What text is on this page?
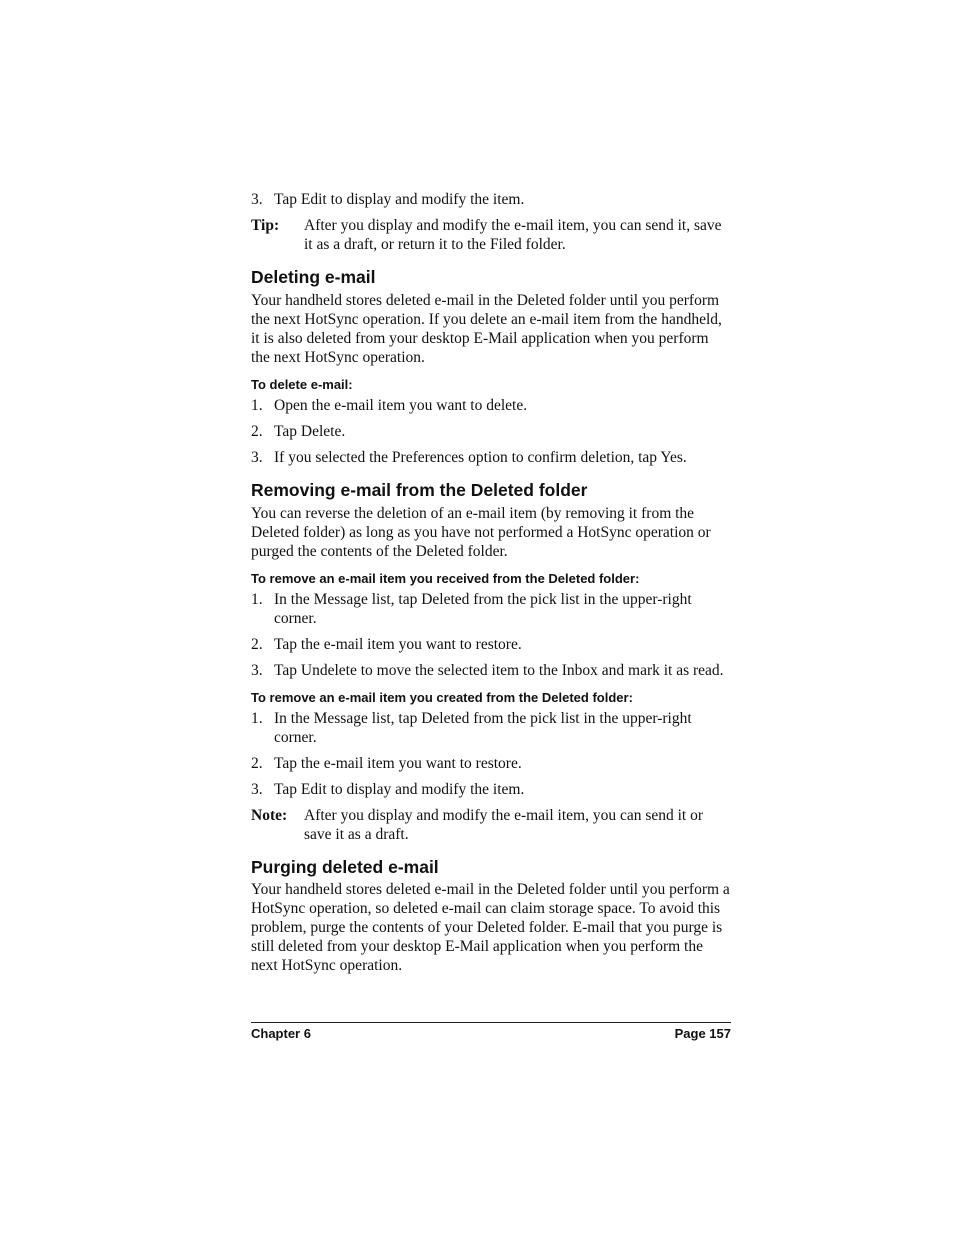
3. Tap Edit to display and modify the item.
Tip: After you display and modify the e-mail item, you can send it, save it as a draft, or return it to the Filed folder.
Deleting e-mail

Your handheld stores deleted e-mail in the Deleted folder until you perform the next HotSync operation. If you delete an e-mail item from the handheld, it is also deleted from your desktop E-Mail application when you perform the next HotSync operation.

To delete e-mail:
1. Open the e-mail item you want to delete.
2. Tap Delete.
3. If you selected the Preferences option to confirm deletion, tap Yes.
Removing e-mail from the Deleted folder

You can reverse the deletion of an e-mail item (by removing it from the Deleted folder) as long as you have not performed a HotSync operation or purged the contents of the Deleted folder.

To remove an e-mail item you received from the Deleted folder:
1. In the Message list, tap Deleted from the pick list in the upper-right corner.
2. Tap the e-mail item you want to restore.
3. Tap Undelete to move the selected item to the Inbox and mark it as read.
To remove an e-mail item you created from the Deleted folder:
1. In the Message list, tap Deleted from the pick list in the upper-right corner.
2. Tap the e-mail item you want to restore.
3. Tap Edit to display and modify the item.
Note: After you display and modify the e-mail item, you can send it or save it as a draft.
Purging deleted e-mail

Your handheld stores deleted e-mail in the Deleted folder until you perform a HotSync operation, so deleted e-mail can claim storage space. To avoid this problem, purge the contents of your Deleted folder. E-mail that you purge is still deleted from your desktop E-Mail application when you perform the next HotSync operation.

Chapter 6	Page 157
